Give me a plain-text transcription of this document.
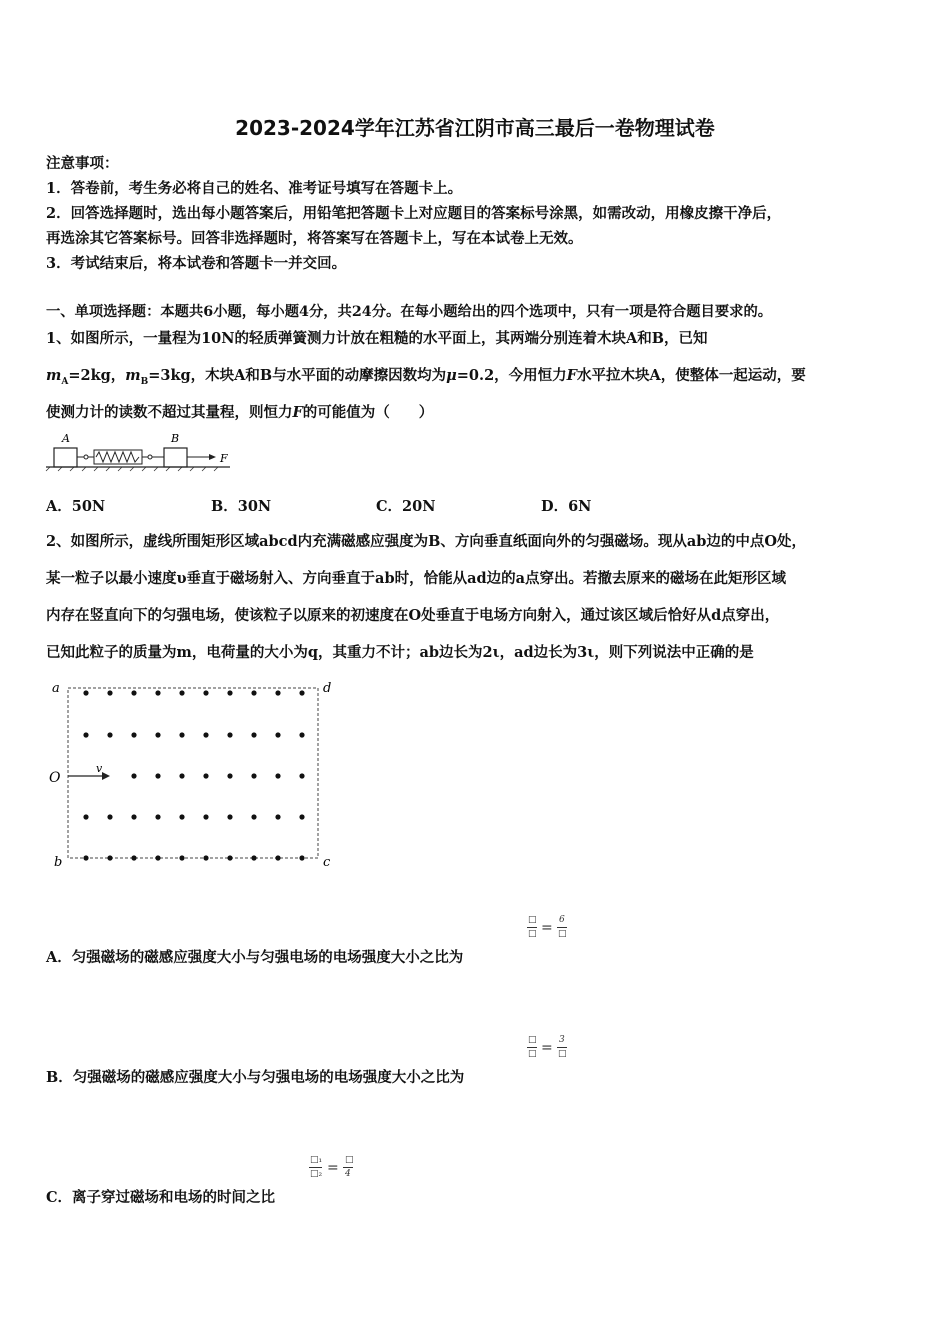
2023-2024学年江苏省江阴市高三最后一卷物理试卷
注意事项：
1．答卷前，考生务必将自己的姓名、准考证号填写在答题卡上。
2．回答选择题时，选出每小题答案后，用铅笔把答题卡上对应题目的答案标号涂黑，如需改动，用橡皮擦干净后，
再选涂其它答案标号。回答非选择题时，将答案写在答题卡上，写在本试卷上无效。
3．考试结束后，将本试卷和答题卡一并交回。
一、单项选择题：本题共6小题，每小题4分，共24分。在每小题给出的四个选项中，只有一项是符合题目要求的。
1、如图所示，一量程为10N的轻质弹簧测力计放在粗糙的水平面上，其两端分别连着木块A和B，已知
$m_A=2kg$，$m_B=3kg$，木块A和B与水平面的动摩擦因数均为μ=0.2，今用恒力F水平拉木块A，使整体一起运动，要
使测力计的读数不超过其量程，则恒力F的可能值为（　　）
A	B
F
A．50N	B．30N	C．20N	D．6N
2、如图所示，虚线所围矩形区域abcd内充满磁感应强度为B、方向垂直纸面向外的匀强磁场。现从ab边的中点O处，
某一粒子以最小速度υ垂直于磁场射入、方向垂直于ab时，恰能从ad边的a点穿出。若撤去原来的磁场在此矩形区域
内存在竖直向下的匀强电场，使该粒子以原来的初速度在O处垂直于电场方向射入，通过该区域后恰好从d点穿出，
已知此粒子的质量为m，电荷量的大小为q，其重力不计；ab边长为2ι，ad边长为3ι，则下列说法中正确的是
a	d
O
v
b	c
□
□ = 6
□
A．匀强磁场的磁感应强度大小与匀强电场的电场强度大小之比为
□
□ = 3
□
B．匀强磁场的磁感应强度大小与匀强电场的电场强度大小之比为
□₁
□₂ = □
4
C．离子穿过磁场和电场的时间之比
